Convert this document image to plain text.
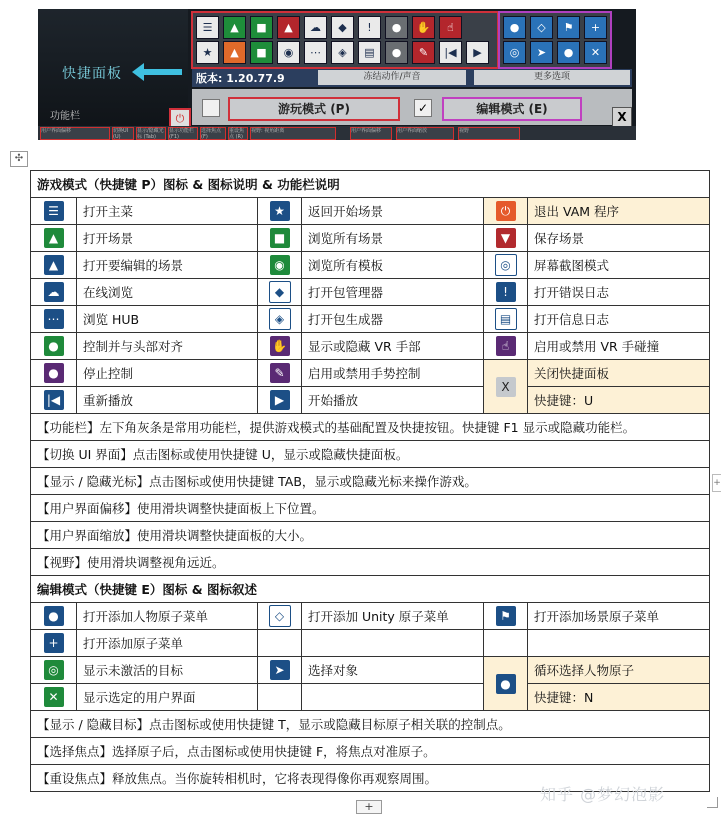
快捷面板
功能栏
☰	▲	■	▲	☁	◆	!	●	✋	☝
★	▲	■	◉	⋯	◈	▤	●	✎	|◀	▶
●	◇	⚑	+
◎	➤	●	✕
版本: 1.20.77.9	冻结动作/声音	更多选项
游玩模式 (P)	✓	编辑模式 (E)
X
⏻
用户界面偏移	切换UI (U)
显示/隐藏光标 (Tab)
显示功能栏 (F1)
选择焦点 (F)
重设焦点 (R)
视野: 视角距离	用户界面偏移	用户界面缩放	视野
✣
+
游戏模式（快捷键 P）图标 & 图标说明 & 功能栏说明					
☰	打开主菜	★	返回开始场景	⏻	退出 VAM 程序
▲	打开场景	■	浏览所有场景	▼	保存场景
▲	打开要编辑的场景	◉	浏览所有模板	◎	屏幕截图模式
☁	在线浏览	◆	打开包管理器	!	打开错误日志
⋯	浏览 HUB	◈	打开包生成器	▤	打开信息日志
●	控制并与头部对齐	✋	显示或隐藏 VR 手部	☝	启用或禁用 VR 手碰撞
●	停止控制	✎	启用或禁用手势控制	X	关闭快捷面板
|◀	重新播放	▶	开始播放		快捷键：U
【功能栏】左下角灰条是常用功能栏，提供游戏模式的基础配置及快捷按钮。快捷键 F1 显示或隐藏功能栏。					
【切换 UI 界面】点击图标或使用快捷键 U，显示或隐藏快捷面板。					
【显示 / 隐藏光标】点击图标或使用快捷键 TAB，显示或隐藏光标来操作游戏。					
【用户界面偏移】使用滑块调整快捷面板上下位置。					
【用户界面缩放】使用滑块调整快捷面板的大小。					
【视野】使用滑块调整视角远近。					
编辑模式（快捷键 E）图标 & 图标叙述					
●	打开添加人物原子菜单	◇	打开添加 Unity 原子菜单	⚑	打开添加场景原子菜单
+	打开添加原子菜单				
◎	显示未激活的目标	➤	选择对象	●	循环选择人物原子
✕	显示选定的用户界面				快捷键：N
【显示 / 隐藏目标】点击图标或使用快捷键 T，显示或隐藏目标原子相关联的控制点。					
【选择焦点】选择原子后，点击图标或使用快捷键 F，将焦点对准原子。					
【重设焦点】释放焦点。当你旋转相机时，它将表现得像你再观察周围。					
+
知乎 @梦幻泡影
